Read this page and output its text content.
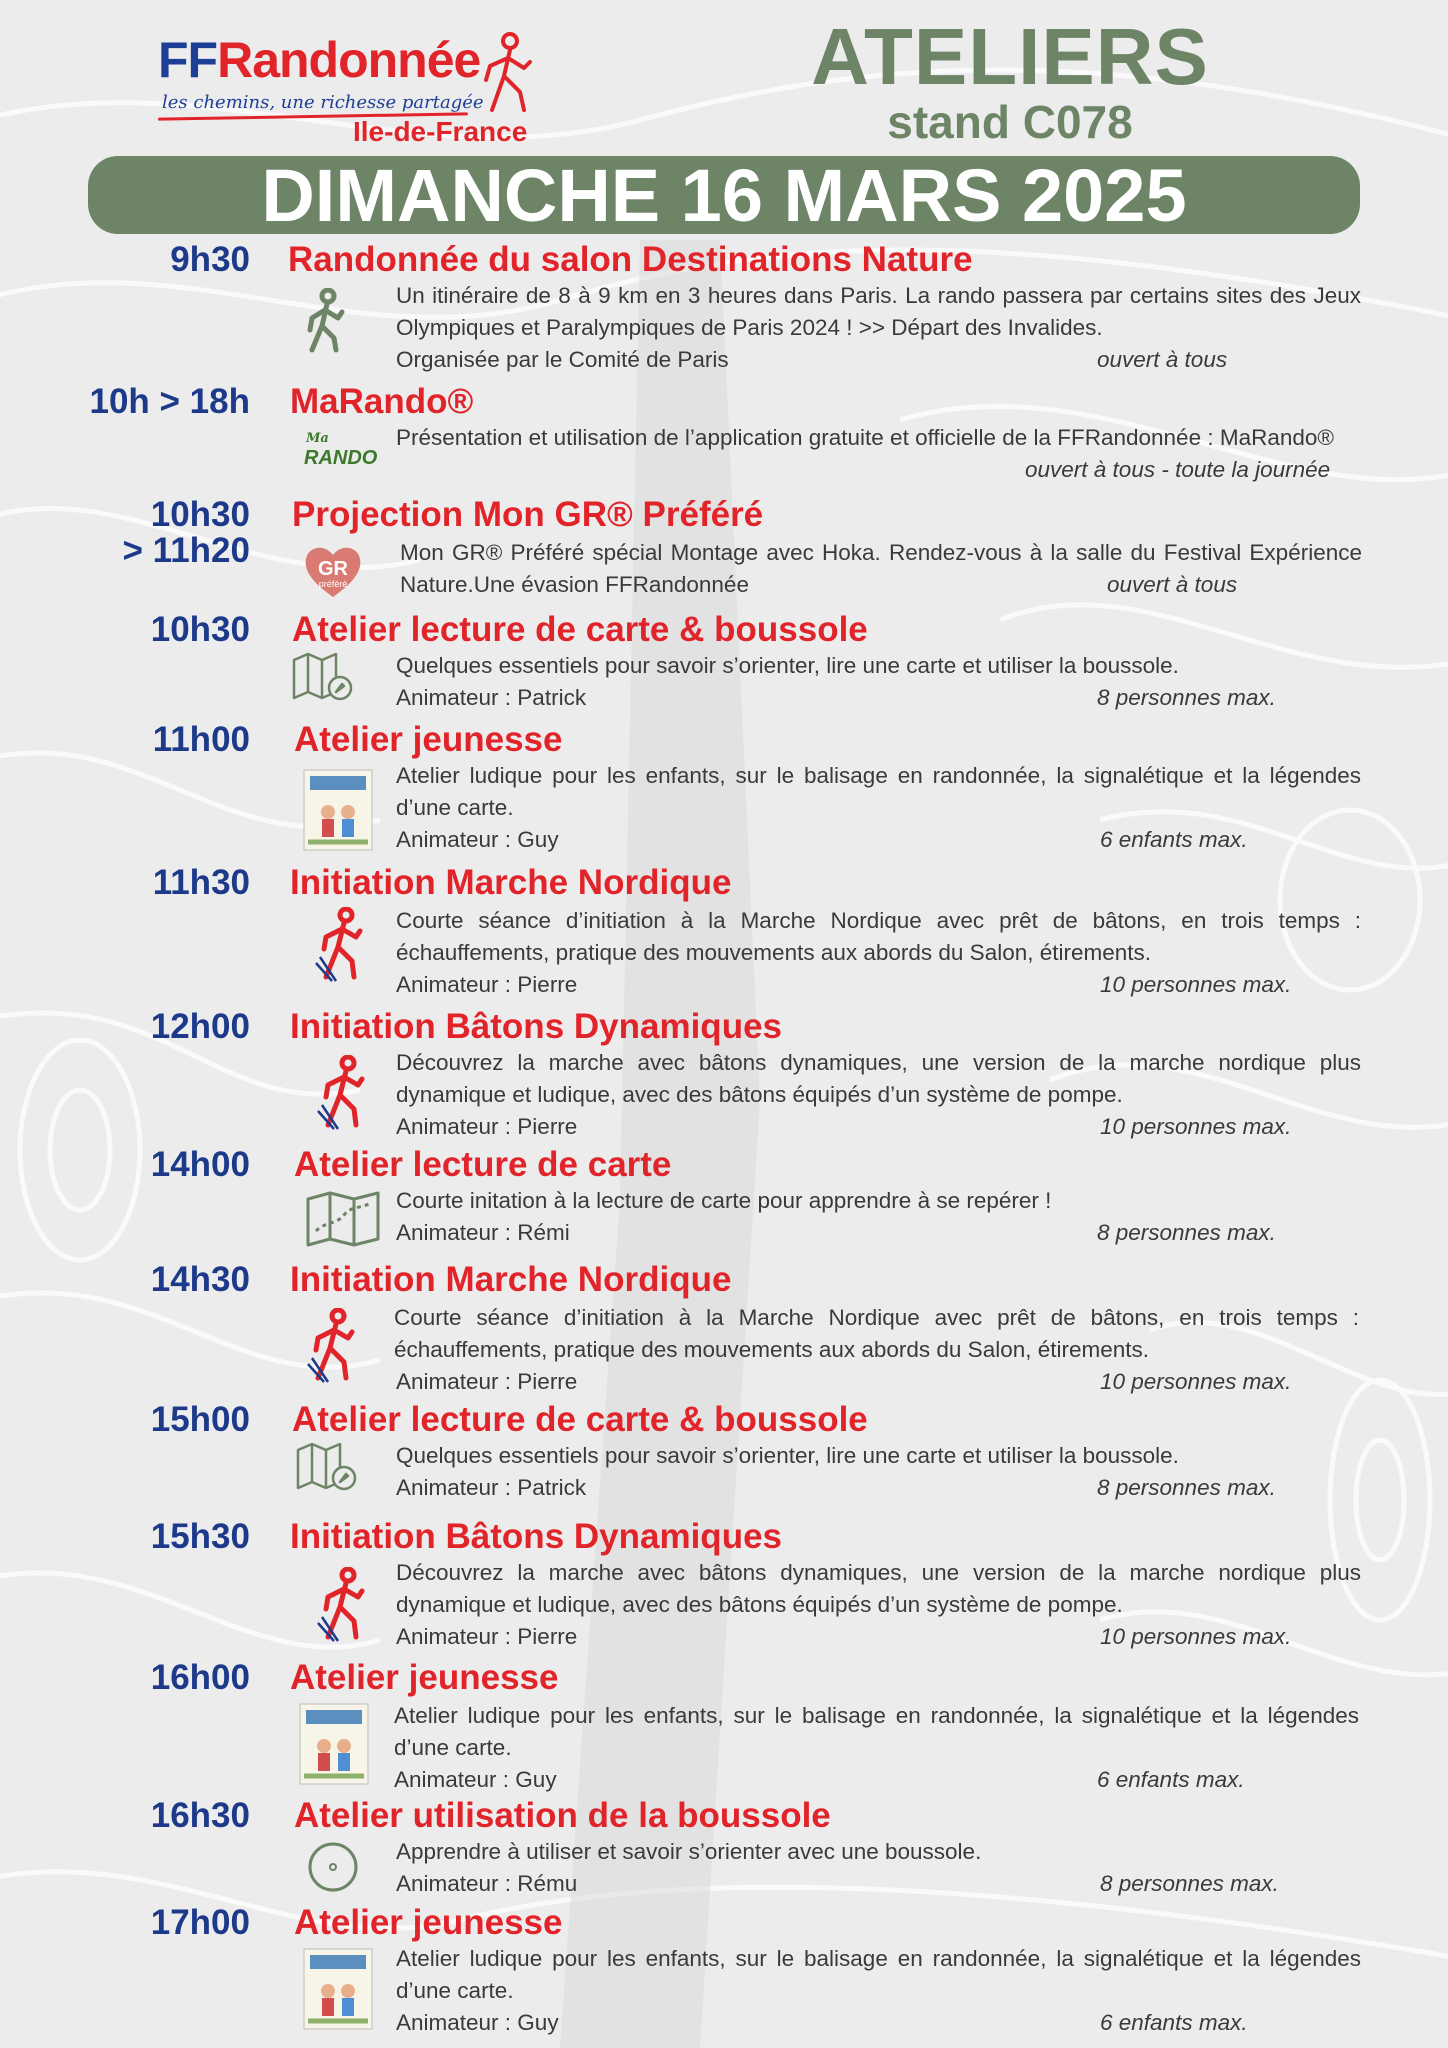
FFRandonnée
les chemins, une richesse partagée
Ile-de-France
ATELIERS
stand C078
DIMANCHE 16 MARS 2025
9h30 Randonnée du salon Destinations Nature
Un itinéraire de 8 à 9 km en 3 heures dans Paris. La rando passera par certains sites des Jeux Olympiques et Paralympiques de Paris 2024 ! >> Départ des Invalides.
Organisée par le Comité de Paris	ouvert à tous
10h > 18h MaRando®
Ma
RANDO
Présentation et utilisation de l’application gratuite et officielle de la FFRandonnée : MaRando®
ouvert à tous - toute la journée
10h30
> 11h20
Projection Mon GR® Préféré
GR
préféré
Mon GR® Préféré spécial Montage avec Hoka. Rendez-vous à la salle du Festival Expérience Nature.Une évasion FFRandonnée	ouvert à tous
10h30 Atelier lecture de carte & boussole
Quelques essentiels pour savoir s’orienter, lire une carte et utiliser la boussole.
Animateur : Patrick	8 personnes max.
11h00 Atelier jeunesse
Atelier ludique pour les enfants, sur le balisage en randonnée, la signalétique et la légendes d’une carte.
Animateur : Guy	6 enfants max.
11h30 Initiation Marche Nordique
Courte séance d’initiation à la Marche Nordique avec prêt de bâtons, en trois temps : échauffements, pratique des mouvements aux abords du Salon, étirements.
Animateur : Pierre	10 personnes max.
12h00 Initiation Bâtons Dynamiques
Découvrez la marche avec bâtons dynamiques, une version de la marche nordique plus dynamique et ludique, avec des bâtons équipés d’un système de pompe.
Animateur : Pierre	10 personnes max.
14h00 Atelier lecture de carte
Courte initation à la lecture de carte pour apprendre à se repérer !
Animateur : Rémi	8 personnes max.
14h30 Initiation Marche Nordique
Courte séance d’initiation à la Marche Nordique avec prêt de bâtons, en trois temps : échauffements, pratique des mouvements aux abords du Salon, étirements.
Animateur : Pierre	10 personnes max.
15h00 Atelier lecture de carte & boussole
Quelques essentiels pour savoir s’orienter, lire une carte et utiliser la boussole.
Animateur : Patrick	8 personnes max.
15h30 Initiation Bâtons Dynamiques
Découvrez la marche avec bâtons dynamiques, une version de la marche nordique plus dynamique et ludique, avec des bâtons équipés d’un système de pompe.
Animateur : Pierre	10 personnes max.
16h00 Atelier jeunesse
Atelier ludique pour les enfants, sur le balisage en randonnée, la signalétique et la légendes d’une carte.
Animateur : Guy	6 enfants max.
16h30 Atelier utilisation de la boussole
Apprendre à utiliser et savoir s’orienter avec une boussole.
Animateur : Rému	8 personnes max.
17h00 Atelier jeunesse
Atelier ludique pour les enfants, sur le balisage en randonnée, la signalétique et la légendes d’une carte.
Animateur : Guy	6 enfants max.
